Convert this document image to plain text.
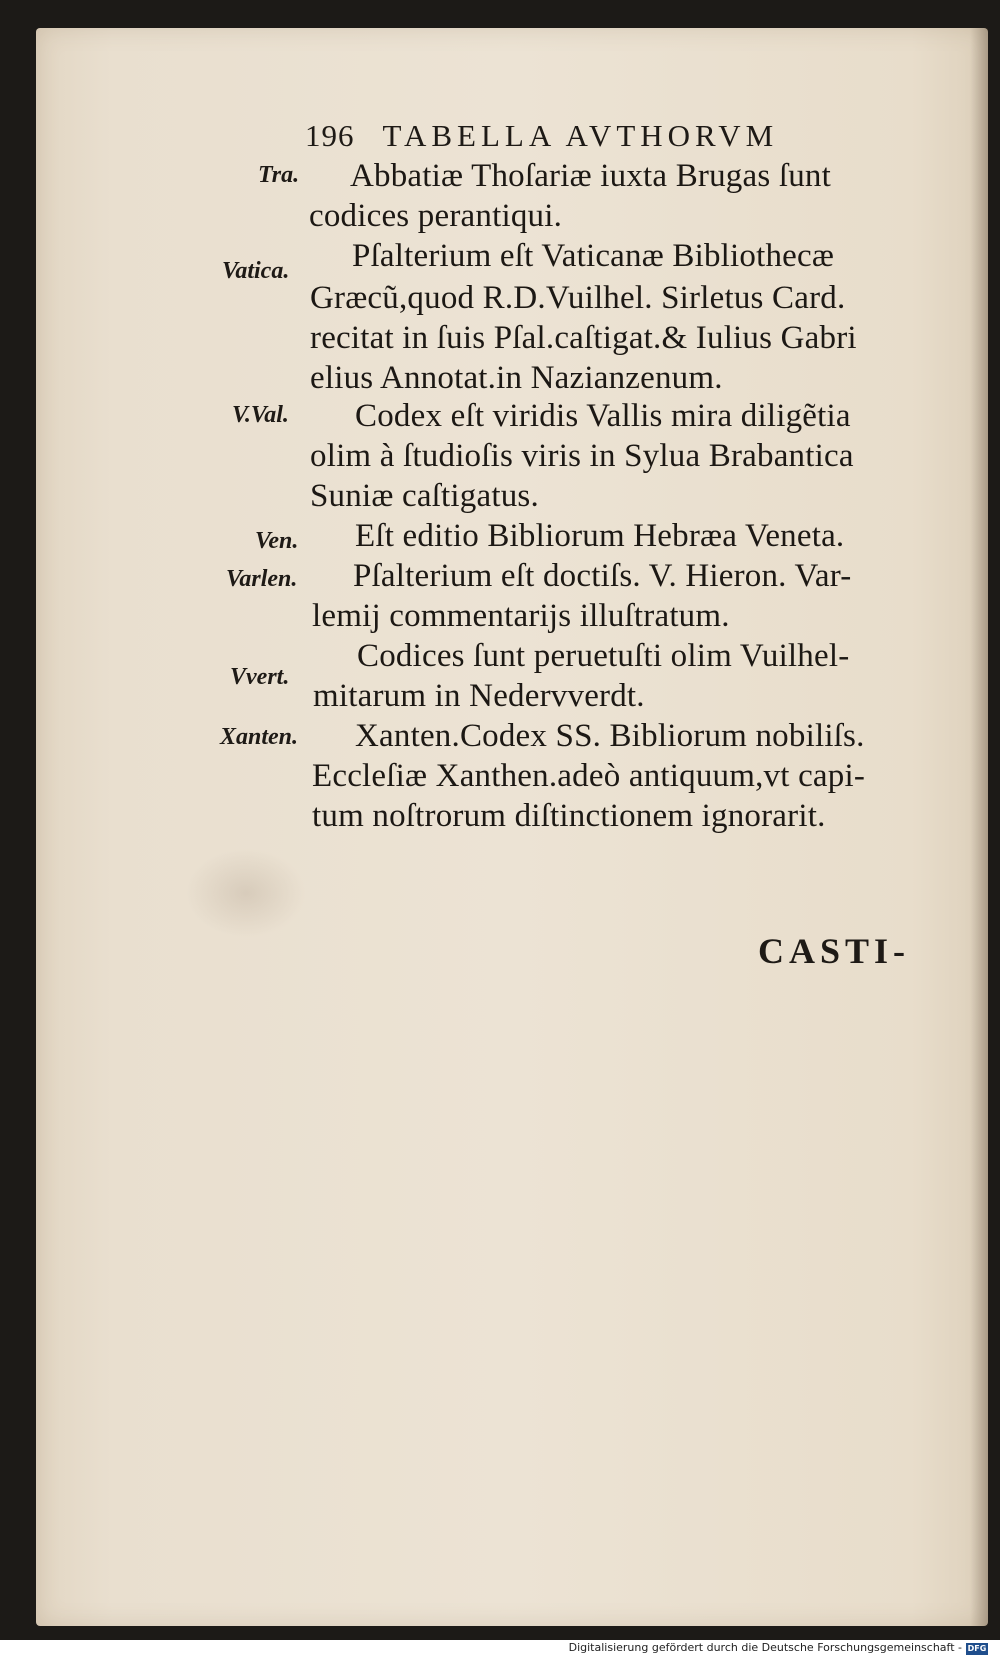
196 TABELLA AVTHORVM
Tra. Abbatiæ Thoſariæ iuxta Brugas ſunt
codices perantiqui.
Vatica. Pſalterium eſt Vaticanæ Bibliothecæ
Græcũ,quod R.D.Vuilhel. Sirletus Card.
recitat in ſuis Pſal.caſtigat.& Iulius Gabri
elius Annotat.in Nazianzenum.
V.Val. Codex eſt viridis Vallis mira diligẽtia
olim à ſtudioſis viris in Sylua Brabantica
Suniæ caſtigatus.
Ven. Eſt editio Bibliorum Hebræa Veneta.
Varlen. Pſalterium eſt doctiſs. V. Hieron. Var-
lemij commentarijs illuſtratum.
Vvert.
Codices ſunt peruetuſti olim Vuilhel-
mitarum in Nedervverdt.
Xanten. Xanten.Codex SS. Bibliorum nobiliſs.
Eccleſiæ Xanthen.adeò antiquum,vt capi-
tum noſtrorum diſtinctionem ignorarit.
CASTI-
Digitalisierung gefördert durch die Deutsche Forschungsgemeinschaft - DFG
